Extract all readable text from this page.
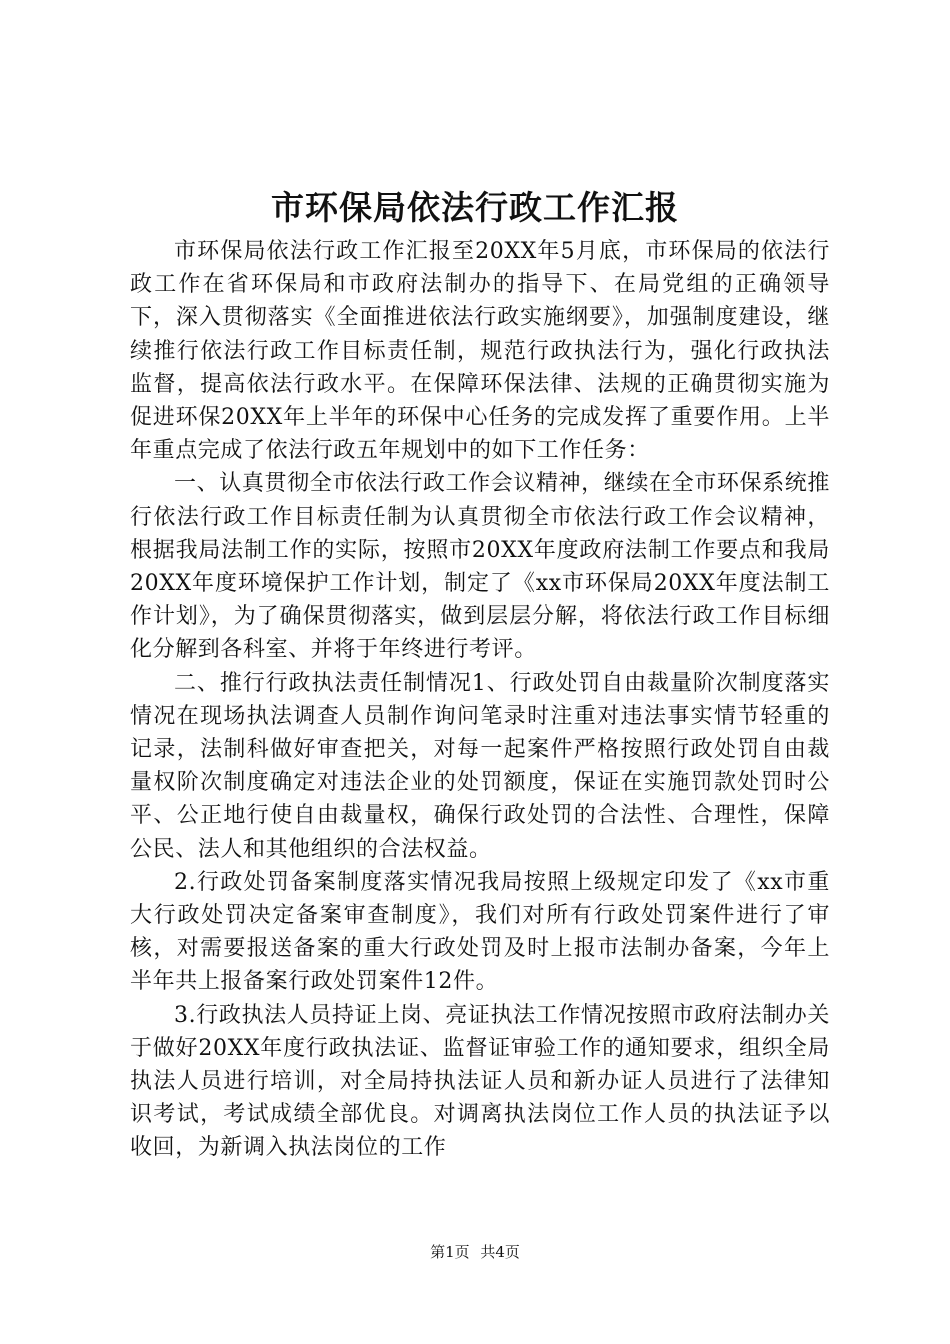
市环保局依法行政工作汇报

市环保局依法行政工作汇报至20XX年5月底，市环保局的依法行政工作在省环保局和市政府法制办的指导下、在局党组的正确领导下，深入贯彻落实《全面推进依法行政实施纲要》，加强制度建设，继续推行依法行政工作目标责任制，规范行政执法行为，强化行政执法监督，提高依法行政水平。在保障环保法律、法规的正确贯彻实施为促进环保20XX年上半年的环保中心任务的完成发挥了重要作用。上半年重点完成了依法行政五年规划中的如下工作任务：

一、认真贯彻全市依法行政工作会议精神，继续在全市环保系统推行依法行政工作目标责任制为认真贯彻全市依法行政工作会议精神，根据我局法制工作的实际，按照市20XX年度政府法制工作要点和我局20XX年度环境保护工作计划，制定了《xx市环保局20XX年度法制工作计划》，为了确保贯彻落实，做到层层分解，将依法行政工作目标细化分解到各科室、并将于年终进行考评。

二、推行行政执法责任制情况1、行政处罚自由裁量阶次制度落实情况在现场执法调查人员制作询问笔录时注重对违法事实情节轻重的记录，法制科做好审查把关，对每一起案件严格按照行政处罚自由裁量权阶次制度确定对违法企业的处罚额度，保证在实施罚款处罚时公平、公正地行使自由裁量权，确保行政处罚的合法性、合理性，保障公民、法人和其他组织的合法权益。

2.行政处罚备案制度落实情况我局按照上级规定印发了《xx市重大行政处罚决定备案审查制度》，我们对所有行政处罚案件进行了审核，对需要报送备案的重大行政处罚及时上报市法制办备案，今年上半年共上报备案行政处罚案件12件。

3.行政执法人员持证上岗、亮证执法工作情况按照市政府法制办关于做好20XX年度行政执法证、监督证审验工作的通知要求，组织全局执法人员进行培训，对全局持执法证人员和新办证人员进行了法律知识考试，考试成绩全部优良。对调离执法岗位工作人员的执法证予以收回，为新调入执法岗位的工作

第1页 共4页
